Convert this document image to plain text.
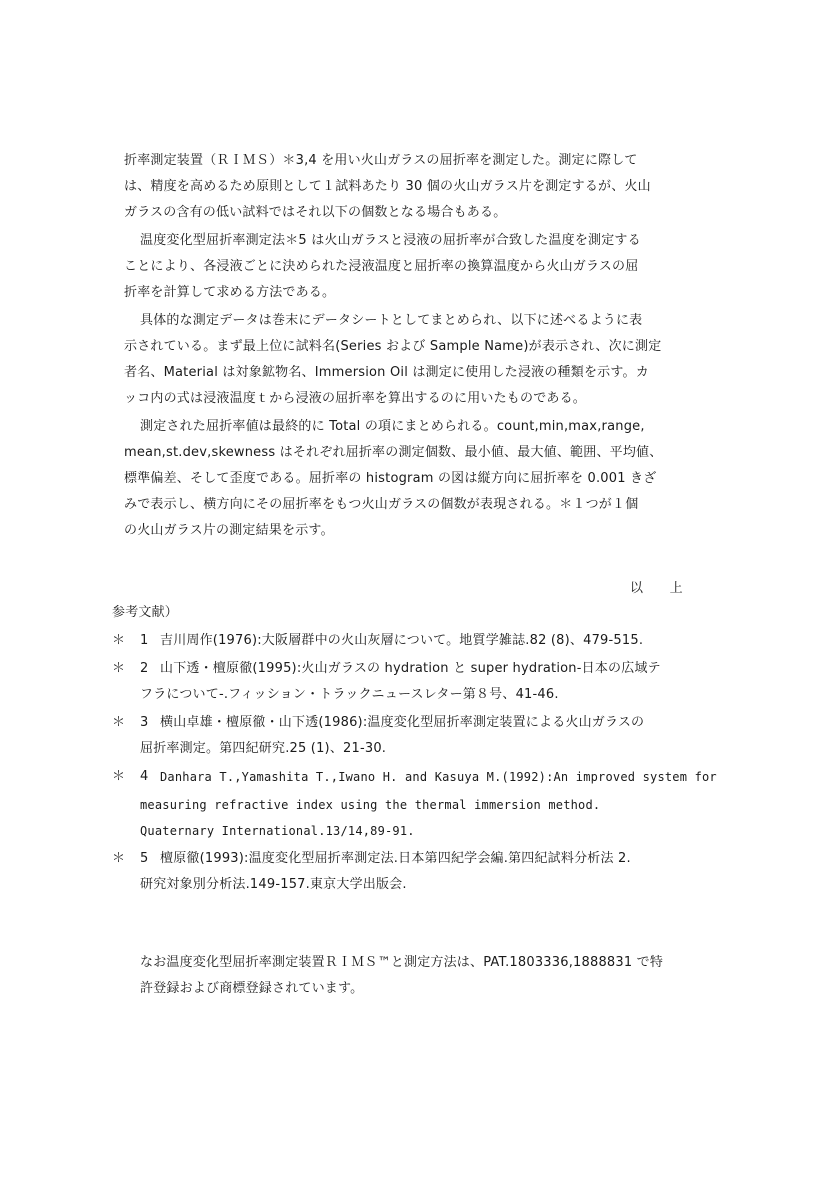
折率測定装置（ＲＩＭＳ）＊3,4 を用い火山ガラスの屈折率を測定した。測定に際して
は、精度を高めるため原則として１試料あたり 30 個の火山ガラス片を測定するが、火山
ガラスの含有の低い試料ではそれ以下の個数となる場合もある。
温度変化型屈折率測定法＊5 は火山ガラスと浸液の屈折率が合致した温度を測定する
ことにより、各浸液ごとに決められた浸液温度と屈折率の換算温度から火山ガラスの屈
折率を計算して求める方法である。
具体的な測定データは巻末にデータシートとしてまとめられ、以下に述べるように表
示されている。まず最上位に試料名(Series および Sample Name)が表示され、次に測定
者名、Material は対象鉱物名、Immersion Oil は測定に使用した浸液の種類を示す。カ
ッコ内の式は浸液温度ｔから浸液の屈折率を算出するのに用いたものである。
測定された屈折率値は最終的に Total の項にまとめられる。count,min,max,range,
mean,st.dev,skewness はそれぞれ屈折率の測定個数、最小値、最大値、範囲、平均値、
標準偏差、そして歪度である。屈折率の histogram の図は縦方向に屈折率を 0.001 きざ
みで表示し、横方向にその屈折率をもつ火山ガラスの個数が表現される。＊１つが１個
の火山ガラス片の測定結果を示す。
以　　上
参考文献）
＊ 1 吉川周作(1976):大阪層群中の火山灰層について。地質学雑誌.82 (8)、479-515.
＊ 2 山下透・檀原徹(1995):火山ガラスの hydration と super hydration-日本の広域テ
フラについて-.フィッション・トラックニュースレター第８号、41-46.
＊ 3 横山卓雄・檀原徹・山下透(1986):温度変化型屈折率測定装置による火山ガラスの
屈折率測定。第四紀研究.25 (1)、21-30.
＊ 4 Danhara T.,Yamashita T.,Iwano H. and Kasuya M.(1992):An improved system for
measuring refractive index using the thermal immersion method.
Quaternary International.13/14,89-91.
＊ 5 檀原徹(1993):温度変化型屈折率測定法.日本第四紀学会編.第四紀試料分析法 2.
研究対象別分析法.149-157.東京大学出版会.
なお温度変化型屈折率測定装置ＲＩＭＳ™と測定方法は、PAT.1803336,1888831 で特
許登録および商標登録されています。
